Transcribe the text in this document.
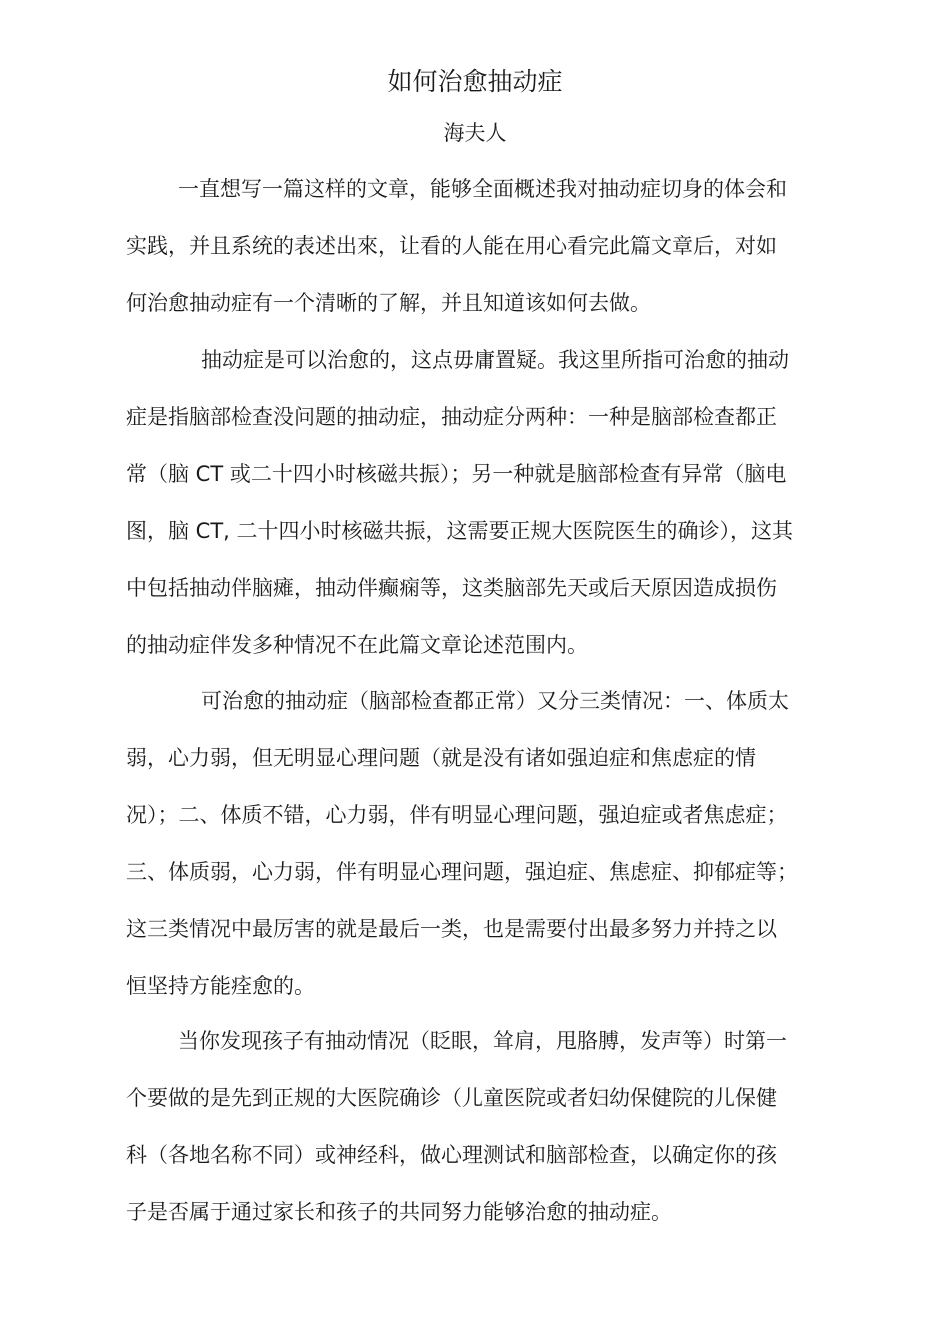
如何治愈抽动症
海夫人

一直想写一篇这样的文章，能够全面概述我对抽动症切身的体会和
实践，并且系统的表述出來，让看的人能在用心看完此篇文章后，对如
何治愈抽动症有一个清晰的了解，并且知道该如何去做。

抽动症是可以治愈的，这点毋庸置疑。我这里所指可治愈的抽动
症是指脑部检查没问题的抽动症，抽动症分两种：一种是脑部检查都正
常（脑 CT 或二十四小时核磁共振）；另一种就是脑部检查有异常（脑电
图，脑 CT, 二十四小时核磁共振，这需要正规大医院医生的确诊），这其
中包括抽动伴脑瘫，抽动伴癫痫等，这类脑部先天或后天原因造成损伤
的抽动症伴发多种情况不在此篇文章论述范围内。

可治愈的抽动症（脑部检查都正常）又分三类情况：一、体质太
弱，心力弱，但无明显心理问题（就是没有诸如强迫症和焦虑症的情
况）；二、体质不错，心力弱，伴有明显心理问题，强迫症或者焦虑症；
三、体质弱，心力弱，伴有明显心理问题，强迫症、焦虑症、抑郁症等；
这三类情况中最厉害的就是最后一类，也是需要付出最多努力并持之以
恒坚持方能痊愈的。

当你发现孩子有抽动情况（眨眼，耸肩，甩胳膊，发声等）时第一
个要做的是先到正规的大医院确诊（儿童医院或者妇幼保健院的儿保健
科（各地名称不同）或神经科，做心理测试和脑部检查，以确定你的孩
子是否属于通过家长和孩子的共同努力能够治愈的抽动症。
